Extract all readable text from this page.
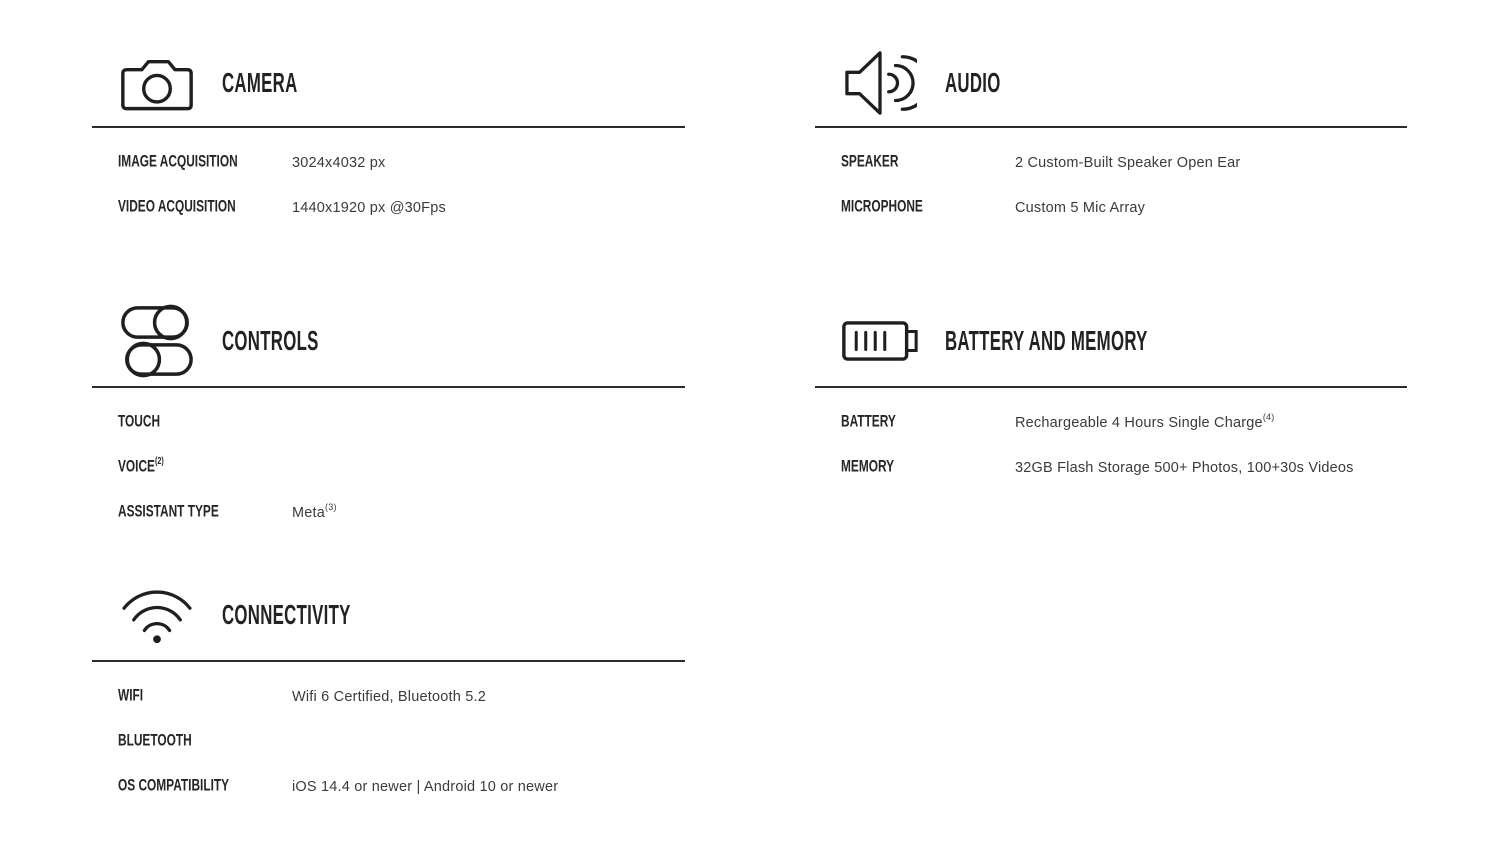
CAMERA
IMAGE ACQUISITION	3024x4032 px
VIDEO ACQUISITION	1440x1920 px @30Fps
AUDIO
SPEAKER	2 Custom-Built Speaker Open Ear
MICROPHONE	Custom 5 Mic Array
CONTROLS
TOUCH
VOICE$^{(2)}$
ASSISTANT TYPE	Meta$^{(3)}$
BATTERY AND MEMORY
BATTERY	Rechargeable 4 Hours Single Charge$^{(4)}$
MEMORY	32GB Flash Storage 500+ Photos, 100+30s Videos
CONNECTIVITY
WIFI	Wifi 6 Certified, Bluetooth 5.2
BLUETOOTH
OS COMPATIBILITY	iOS 14.4 or newer | Android 10 or newer
